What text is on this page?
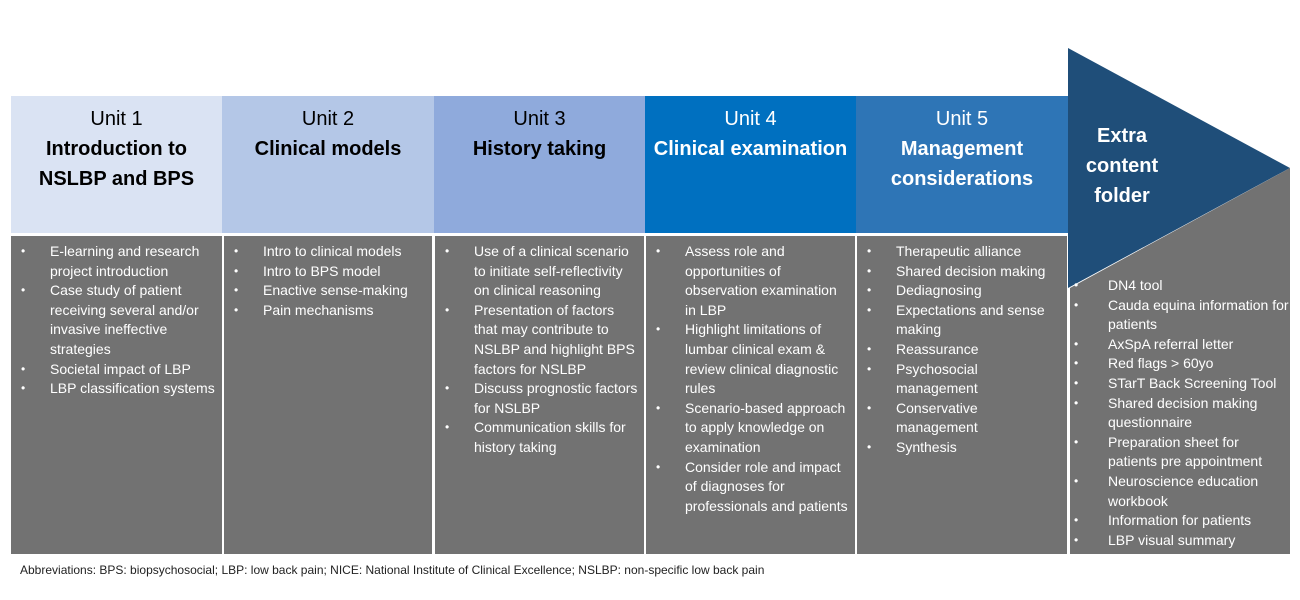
Unit 1
Introduction to NSLBP and BPS
• E-learning and research project introduction
• Case study of patient receiving several and/or invasive ineffective strategies
• Societal impact of LBP
• LBP classification systems
Unit 2
Clinical models
• Intro to clinical models
• Intro to BPS model
• Enactive sense-making
• Pain mechanisms
Unit 3
History taking
• Use of a clinical scenario to initiate self-reflectivity on clinical reasoning
• Presentation of factors that may contribute to NSLBP and highlight BPS factors for NSLBP
• Discuss prognostic factors for NSLBP
• Communication skills for history taking
Unit 4
Clinical examination
• Assess role and opportunities of observation examination in LBP
• Highlight limitations of lumbar clinical exam & review clinical diagnostic rules
• Scenario-based approach to apply knowledge on examination
• Consider role and impact of diagnoses for professionals and patients
Unit 5
Management considerations
• Therapeutic alliance
• Shared decision making
• Dediagnosing
• Expectations and sense making
• Reassurance
• Psychosocial management
• Conservative management
• Synthesis
Extra content folder
• DN4 tool
• Cauda equina information for patients
• AxSpA referral letter
• Red flags > 60yo
• STarT Back Screening Tool
• Shared decision making questionnaire
• Preparation sheet for patients pre appointment
• Neuroscience education workbook
• Information for patients
• LBP visual summary
Abbreviations: BPS: biopsychosocial; LBP: low back pain; NICE: National Institute of Clinical Excellence; NSLBP: non-specific low back pain
